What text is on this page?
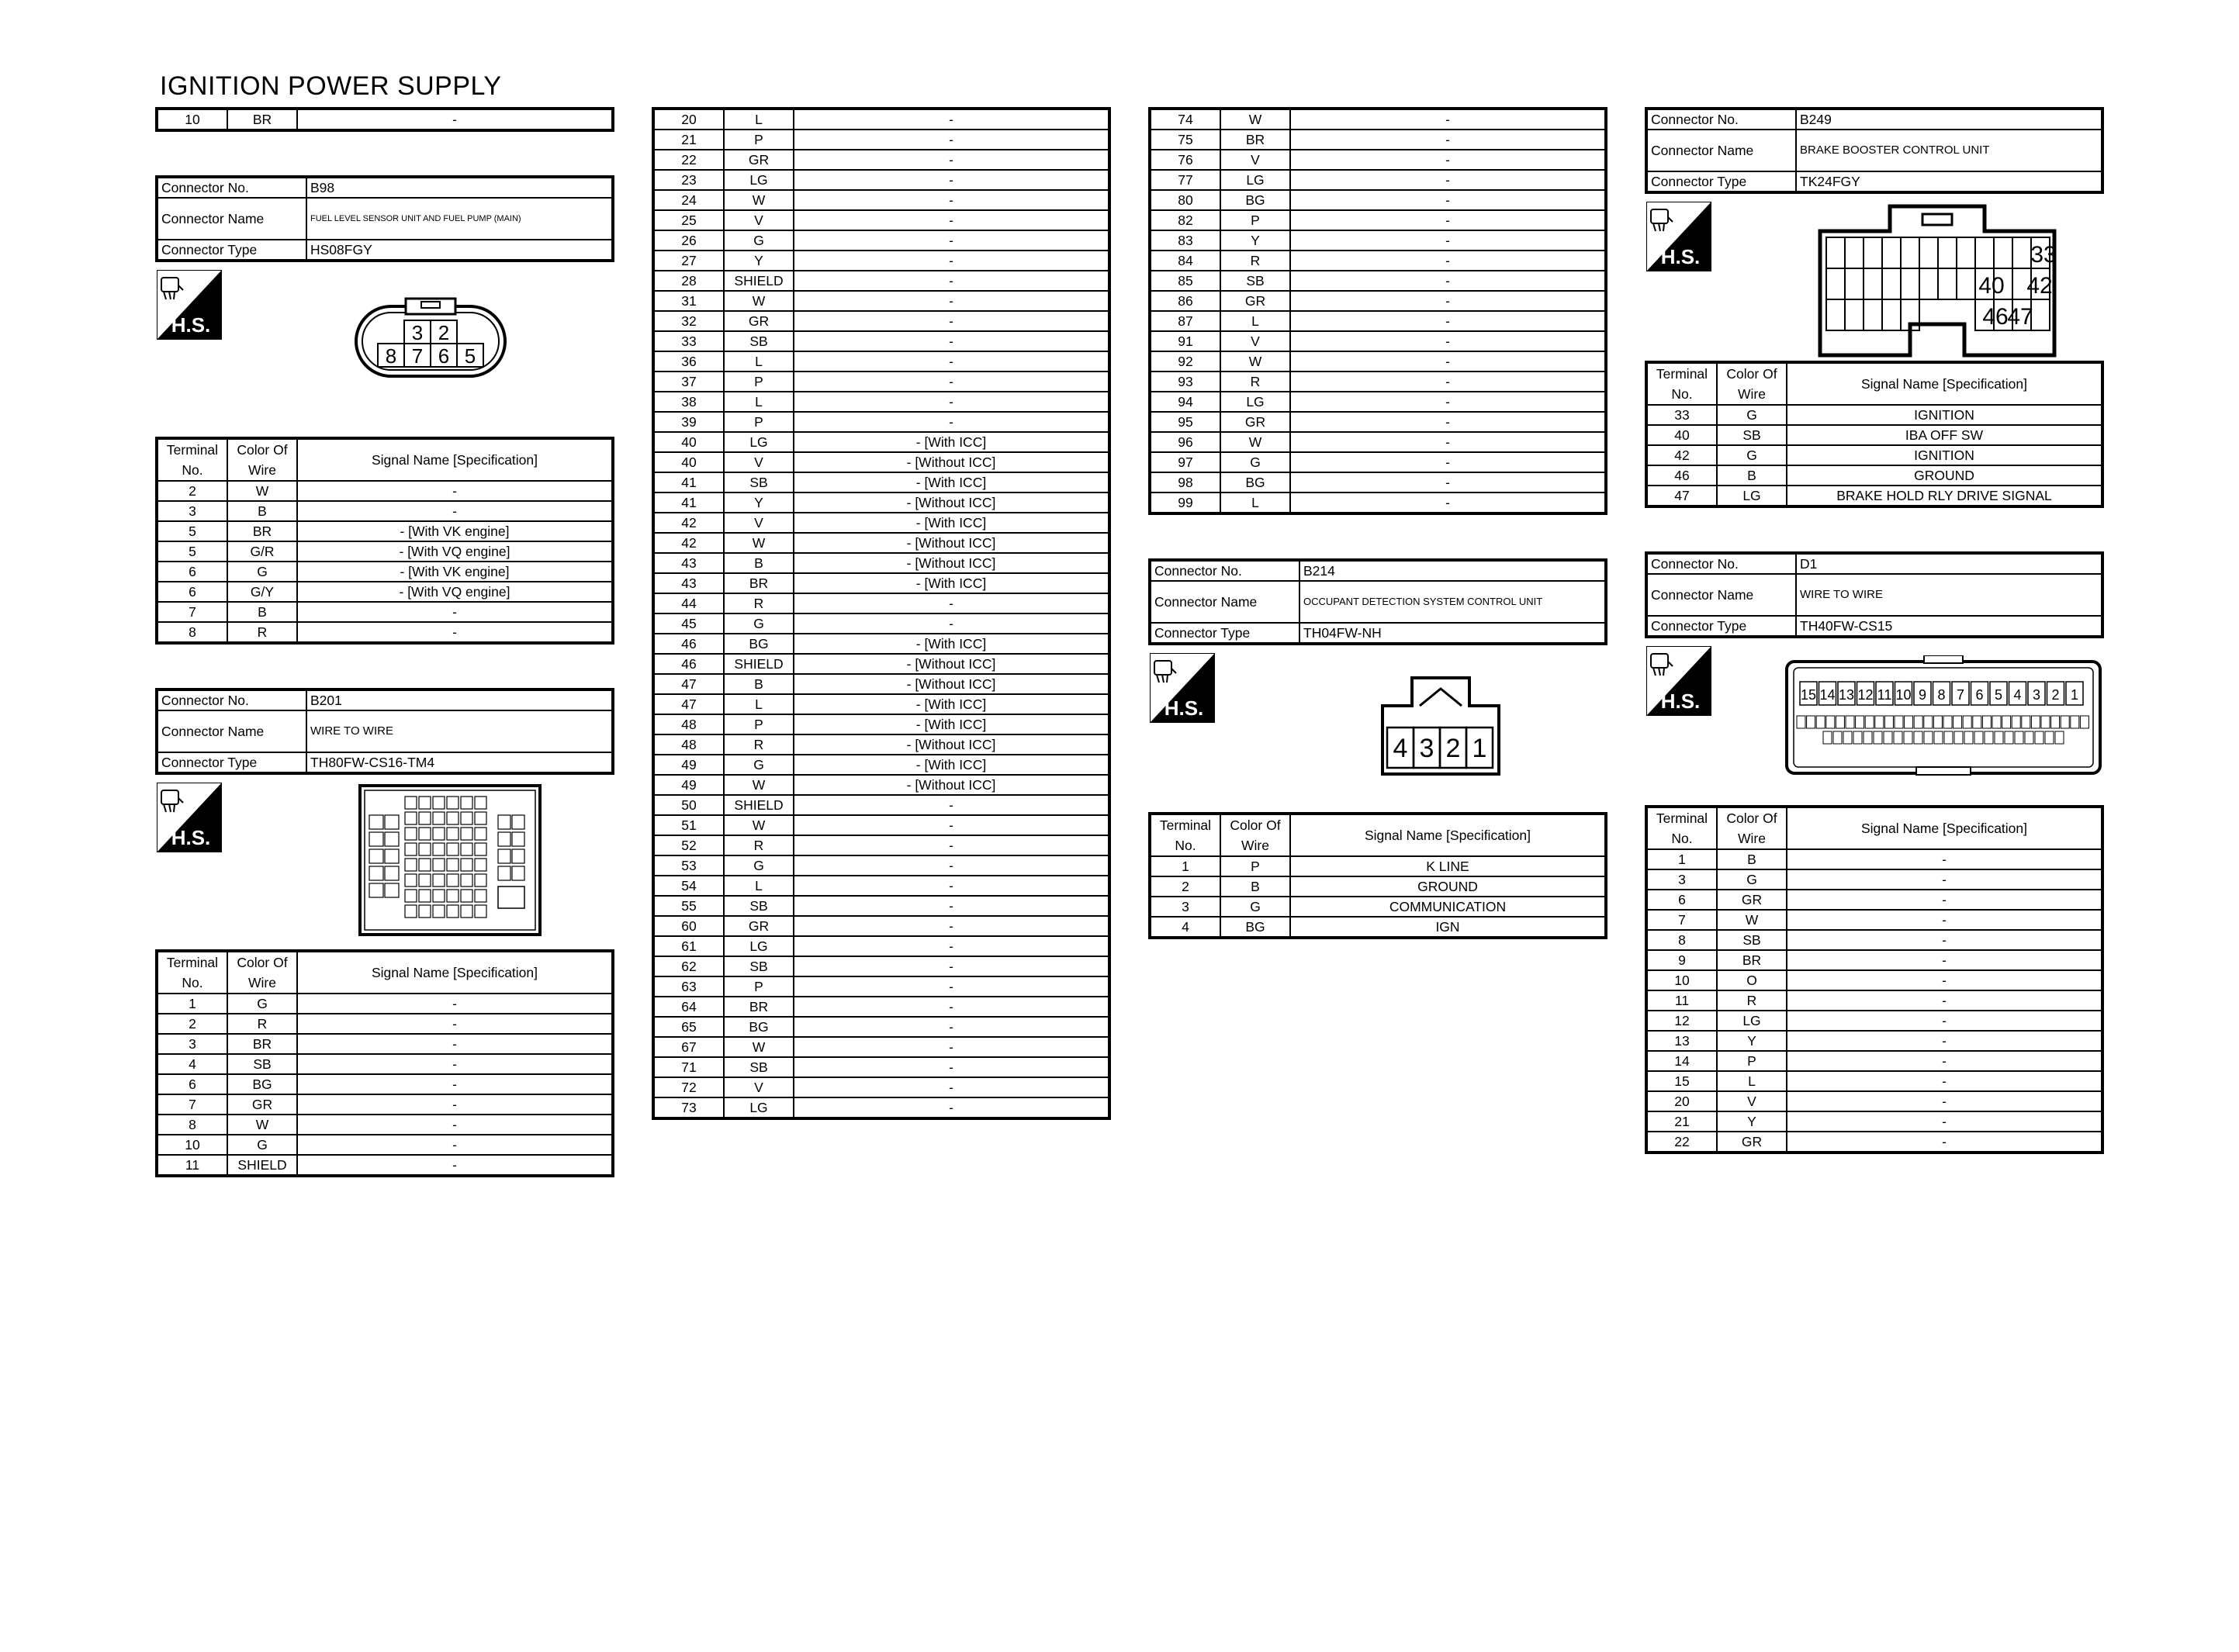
IGNITION POWER SUPPLY
10	BR	-
Connector No.	B98
Connector Name	FUEL LEVEL SENSOR UNIT AND FUEL PUMP (MAIN)
Connector Type	HS08FGY
H.S.	3 2
8 7 6 5
Terminal No.	Color Of Wire	Signal Name [Specification]
2	W	-
3	B	-
5	BR	- [With VK engine]
5	G/R	- [With VQ engine]
6	G	- [With VK engine]
6	G/Y	- [With VQ engine]
7	B	-
8	R	-
Connector No.	B201
Connector Name	WIRE TO WIRE
Connector Type	TH80FW-CS16-TM4
H.S.
Terminal No.	Color Of Wire	Signal Name [Specification]
1	G	-
2	R	-
3	BR	-
4	SB	-
6	BG	-
7	GR	-
8	W	-
10	G	-
11	SHIELD	-
20	L	-
21	P	-
22	GR	-
23	LG	-
24	W	-
25	V	-
26	G	-
27	Y	-
28	SHIELD	-
31	W	-
32	GR	-
33	SB	-
36	L	-
37	P	-
38	L	-
39	P	-
40	LG	- [With ICC]
40	V	- [Without ICC]
41	SB	- [With ICC]
41	Y	- [Without ICC]
42	V	- [With ICC]
42	W	- [Without ICC]
43	B	- [Without ICC]
43	BR	- [With ICC]
44	R	-
45	G	-
46	BG	- [With ICC]
46	SHIELD	- [Without ICC]
47	B	- [Without ICC]
47	L	- [With ICC]
48	P	- [With ICC]
48	R	- [Without ICC]
49	G	- [With ICC]
49	W	- [Without ICC]
50	SHIELD	-
51	W	-
52	R	-
53	G	-
54	L	-
55	SB	-
60	GR	-
61	LG	-
62	SB	-
63	P	-
64	BR	-
65	BG	-
67	W	-
71	SB	-
72	V	-
73	LG	-
74	W	-
75	BR	-
76	V	-
77	LG	-
80	BG	-
82	P	-
83	Y	-
84	R	-
85	SB	-
86	GR	-
87	L	-
91	V	-
92	W	-
93	R	-
94	LG	-
95	GR	-
96	W	-
97	G	-
98	BG	-
99	L	-
Connector No.	B214
Connector Name	OCCUPANT DETECTION SYSTEM CONTROL UNIT
Connector Type	TH04FW-NH
H.S.
4 3 2 1
Terminal No.	Color Of Wire	Signal Name [Specification]
1	P	K LINE
2	B	GROUND
3	G	COMMUNICATION
4	BG	IGN
Connector No.	B249
Connector Name	BRAKE BOOSTER CONTROL UNIT
Connector Type	TK24FGY
H.S.	33
40 42
46
47
Terminal No.	Color Of Wire	Signal Name [Specification]
33	G	IGNITION
40	SB	IBA OFF SW
42	G	IGNITION
46	B	GROUND
47	LG	BRAKE HOLD RLY DRIVE SIGNAL
Connector No.	D1
Connector Name	WIRE TO WIRE
Connector Type	TH40FW-CS15
H.S.	15 14 13 12 11 10 9 8 7 6 5 4 3 2 1
Terminal No.	Color Of Wire	Signal Name [Specification]
1	B	-
3	G	-
6	GR	-
7	W	-
8	SB	-
9	BR	-
10	O	-
11	R	-
12	LG	-
13	Y	-
14	P	-
15	L	-
20	V	-
21	Y	-
22	GR	-
